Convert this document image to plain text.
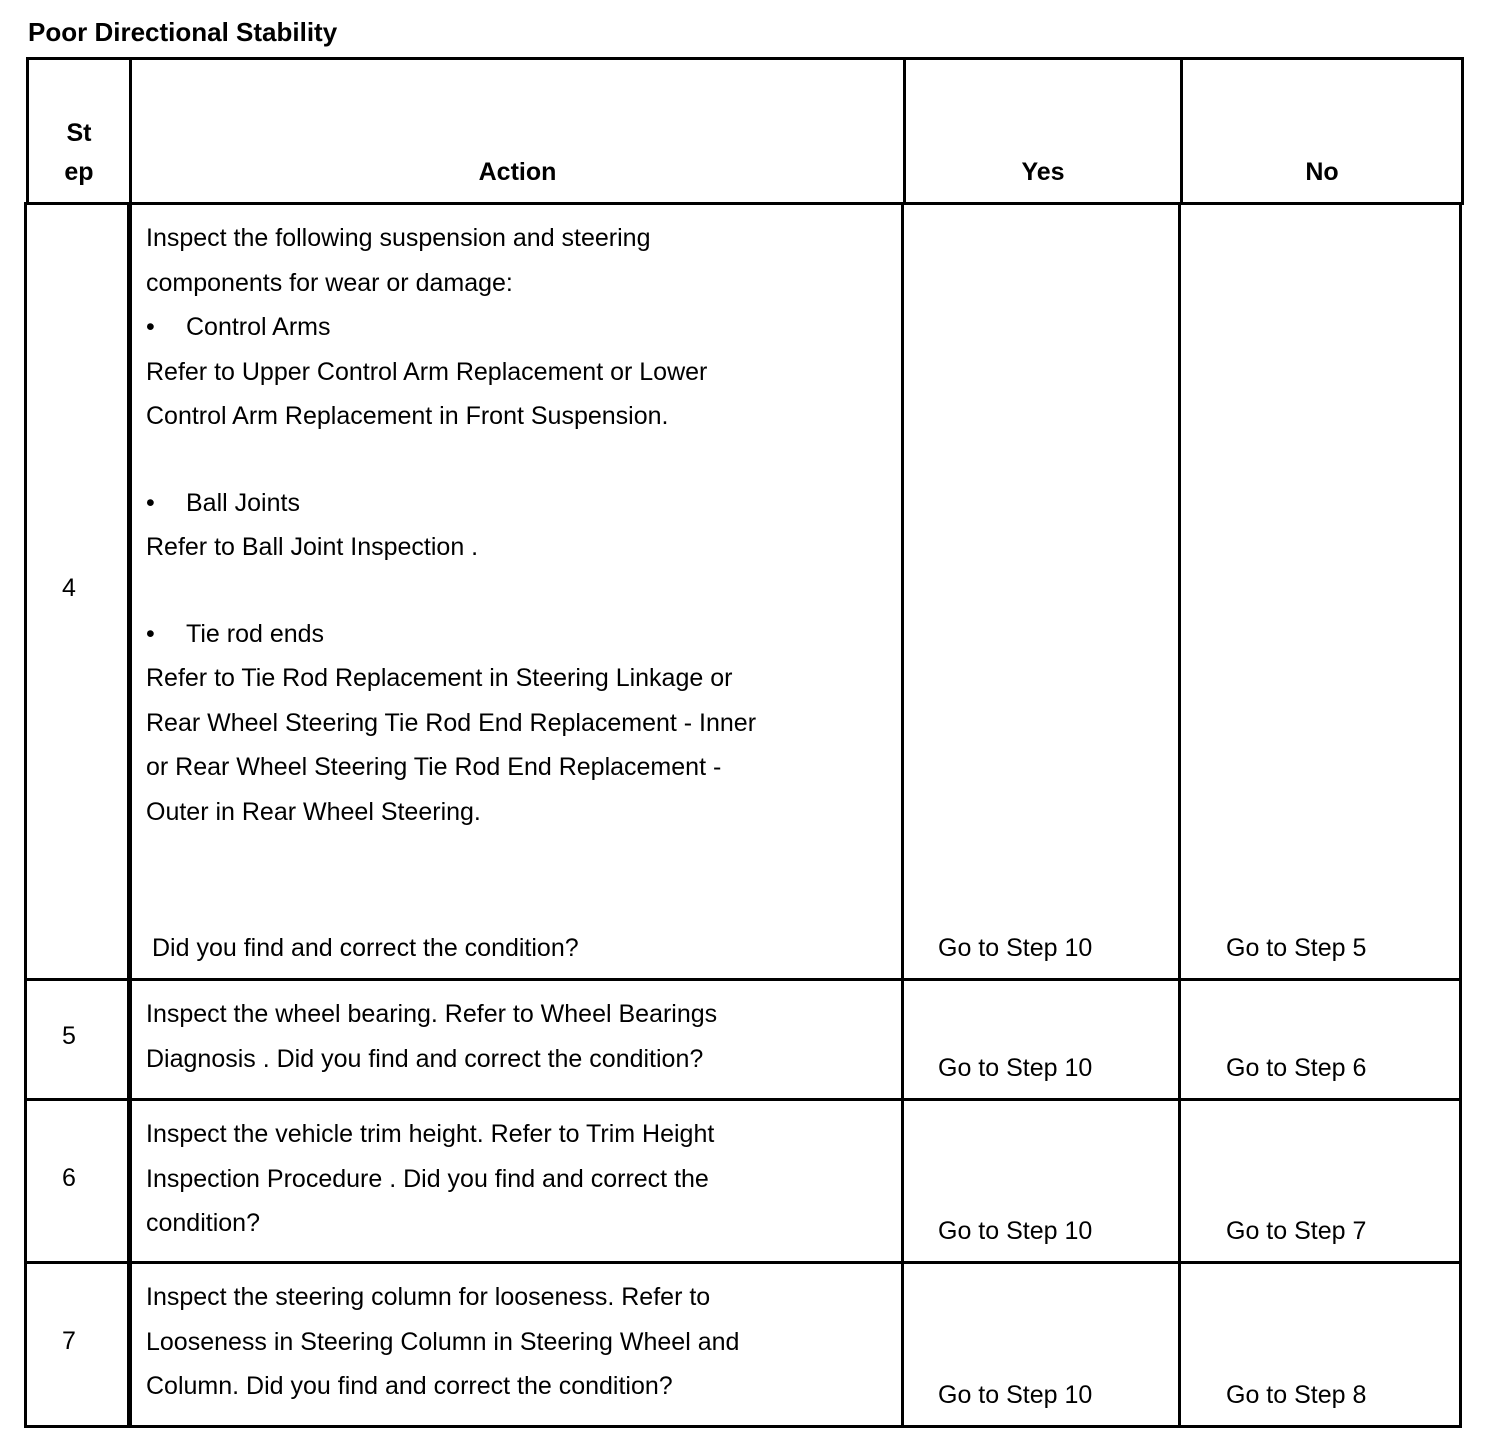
Poor Directional Stability
St
ep	Action	Yes	No
4
Inspect the following suspension and steering
components for wear or damage:
• Control Arms
Refer to Upper Control Arm Replacement or Lower
Control Arm Replacement in Front Suspension.
• Ball Joints
Refer to Ball Joint Inspection .
• Tie rod ends
Refer to Tie Rod Replacement in Steering Linkage or
Rear Wheel Steering Tie Rod End Replacement - Inner
or Rear Wheel Steering Tie Rod End Replacement -
Outer in Rear Wheel Steering.
Did you find and correct the condition?	Go to Step 10	Go to Step 5
5
Inspect the wheel bearing. Refer to Wheel Bearings
Diagnosis . Did you find and correct the condition?	Go to Step 10	Go to Step 6
6
Inspect the vehicle trim height. Refer to Trim Height
Inspection Procedure . Did you find and correct the
condition?	Go to Step 10	Go to Step 7
7
Inspect the steering column for looseness. Refer to
Looseness in Steering Column in Steering Wheel and
Column. Did you find and correct the condition?	Go to Step 10	Go to Step 8
